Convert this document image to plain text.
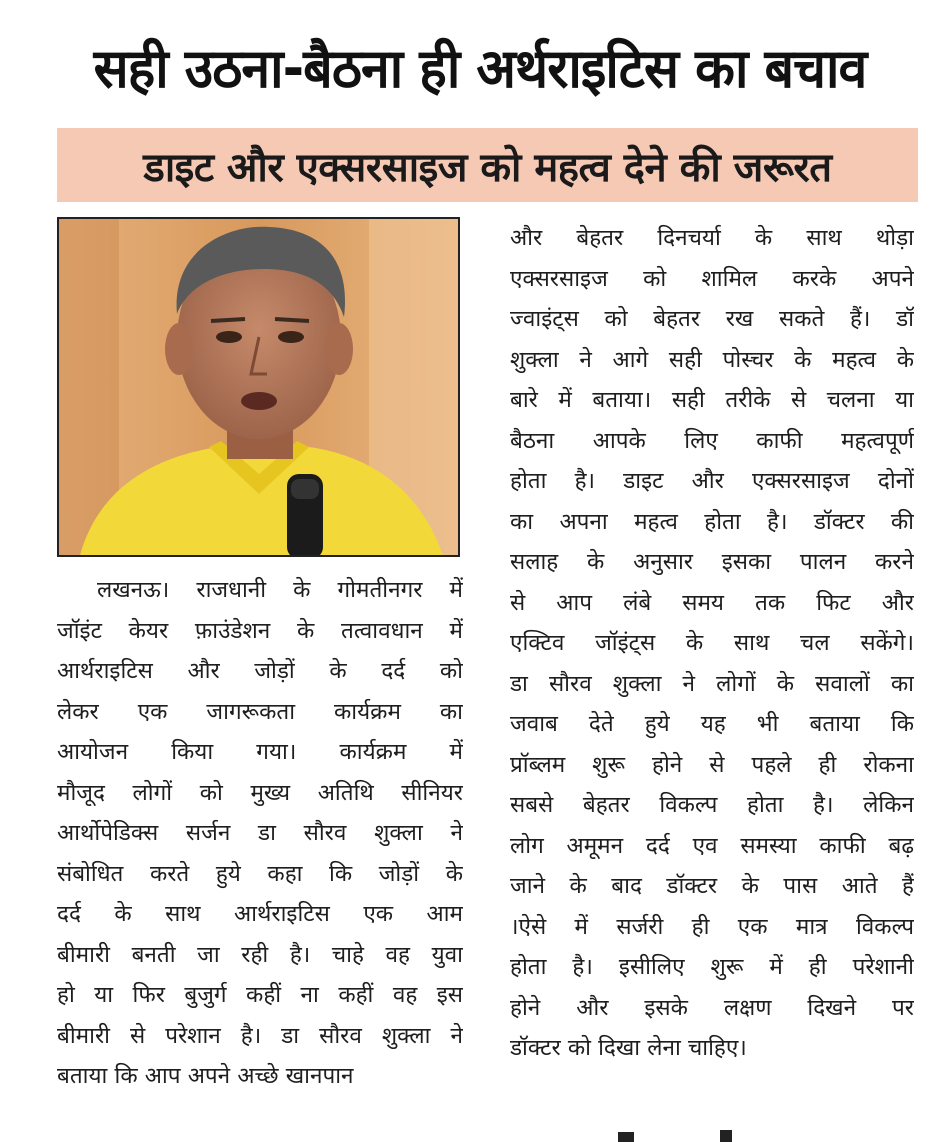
सही उठना-बैठना ही अर्थराइटिस का बचाव
डाइट और एक्सरसाइज को महत्व देने की जरूरत
लखनऊ। राजधानी के गोमतीनगर में
जॉइंट केयर फ़ाउंडेशन के तत्वावधान में
आर्थराइटिस और जोड़ों के दर्द को
लेकर एक जागरूकता कार्यक्रम का
आयोजन किया गया। कार्यक्रम में
मौजूद लोगों को मुख्य अतिथि सीनियर
आर्थोपेडिक्स सर्जन डा सौरव शुक्ला ने
संबोधित करते हुये कहा कि जोड़ों के
दर्द के साथ आर्थराइटिस एक आम
बीमारी बनती जा रही है। चाहे वह युवा
हो या फिर बुजुर्ग कहीं ना कहीं वह इस
बीमारी से परेशान है। डा सौरव शुक्ला ने
बताया कि आप अपने अच्छे खानपान
और बेहतर दिनचर्या के साथ थोड़ा
एक्सरसाइज को शामिल करके अपने
ज्वाइंट्स को बेहतर रख सकते हैं। डॉ
शुक्ला ने आगे सही पोस्चर के महत्व के
बारे में बताया। सही तरीके से चलना या
बैठना आपके लिए काफी महत्वपूर्ण
होता है। डाइट और एक्सरसाइज दोनों
का अपना महत्व होता है। डॉक्टर की
सलाह के अनुसार इसका पालन करने
से आप लंबे समय तक फिट और
एक्टिव जॉइंट्स के साथ चल सकेंगे।
डा सौरव शुक्ला ने लोगों के सवालों का
जवाब देते हुये यह भी बताया कि
प्रॉब्लम शुरू होने से पहले ही रोकना
सबसे बेहतर विकल्प होता है। लेकिन
लोग अमूमन दर्द एव समस्या काफी बढ़
जाने के बाद डॉक्टर के पास आते हैं
।ऐसे में सर्जरी ही एक मात्र विकल्प
होता है। इसीलिए शुरू में ही परेशानी
होने और इसके लक्षण दिखने पर
डॉक्टर को दिखा लेना चाहिए।
